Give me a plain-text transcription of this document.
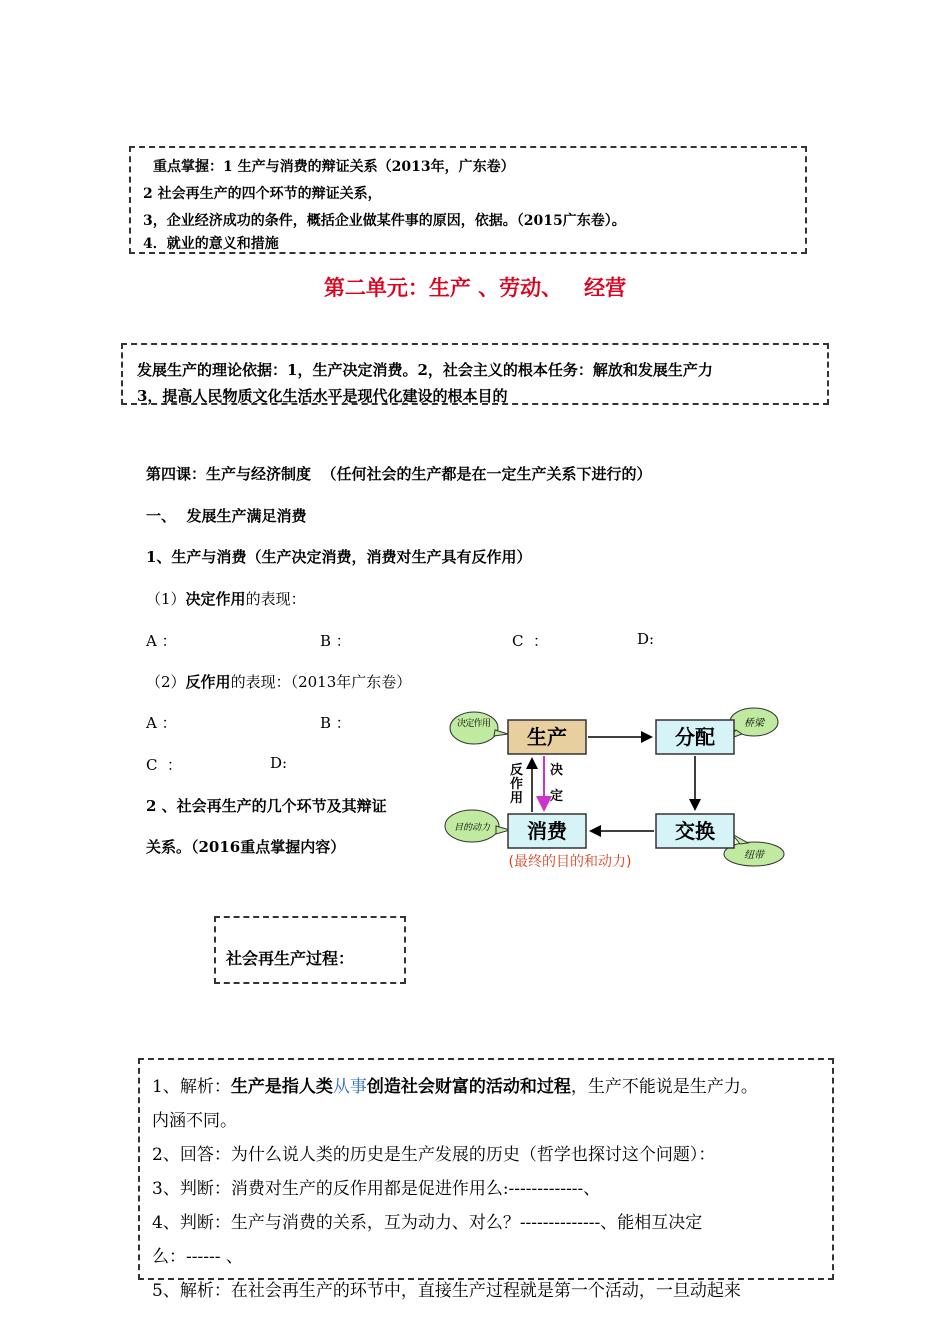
重点掌握：1 生产与消费的辩证关系（2013年，广东卷）
2 社会再生产的四个环节的辩证关系，
3，企业经济成功的条件，概括企业做某件事的原因，依据。（2015广东卷）。
4．就业的意义和措施
第二单元：生产 、劳动、   经营
发展生产的理论依据：1，生产决定消费。2，社会主义的根本任务：解放和发展生产力
3，提高人民物质文化生活水平是现代化建设的根本目的
第四课：生产与经济制度  （任何社会的生产都是在一定生产关系下进行的）
一、  发展生产满足消费
1、生产与消费（生产决定消费，消费对生产具有反作用）
（1）决定作用的表现：
A ：	B ：	C  ：	D:
（2）反作用的表现：（2013年广东卷）
A ：	B ：
C  ：	D:
2 、社会再生产的几个环节及其辩证
关系。（2016重点掌握内容）
决定作用	桥梁
目的动力
纽带
生产	分配
交换
消费
反
作
用
决
定
(最终的目的和动力)
社会再生产过程：
1、解析：生产是指人类从事创造社会财富的活动和过程，生产不能说是生产力。
内涵不同。
2、回答：为什么说人类的历史是生产发展的历史（哲学也探讨这个问题）：
3、判断：消费对生产的反作用都是促进作用么:-------------、
4、判断：生产与消费的关系，互为动力、对么？--------------、能相互决定
么：------ 、
5、解析：在社会再生产的环节中，直接生产过程就是第一个活动，一旦动起来
